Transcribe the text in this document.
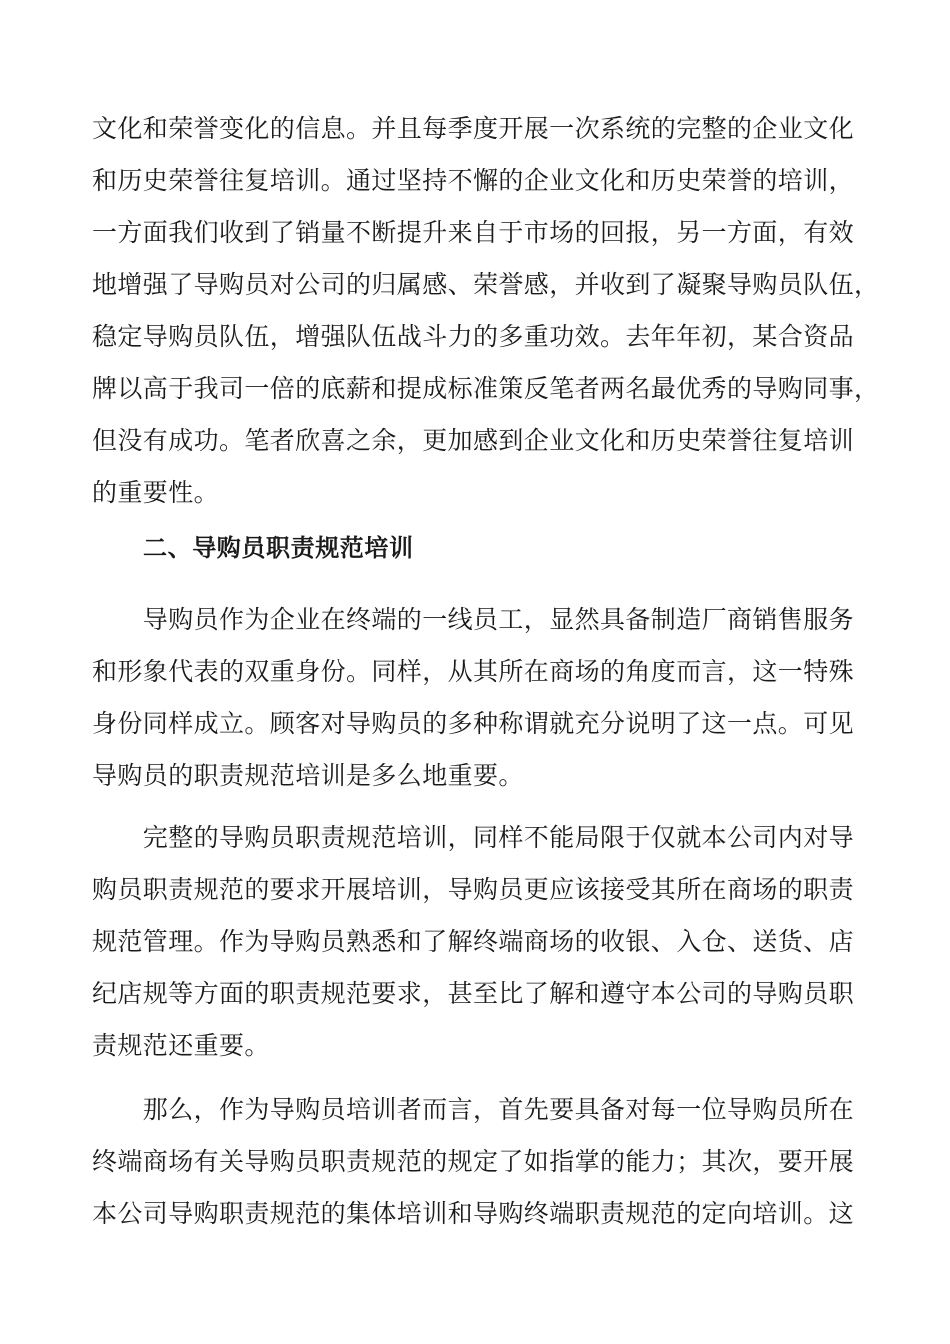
文化和荣誉变化的信息。并且每季度开展一次系统的完整的企业文化
和历史荣誉往复培训。通过坚持不懈的企业文化和历史荣誉的培训，
一方面我们收到了销量不断提升来自于市场的回报，另一方面，有效
地增强了导购员对公司的归属感、荣誉感，并收到了凝聚导购员队伍，
稳定导购员队伍，增强队伍战斗力的多重功效。去年年初，某合资品
牌以高于我司一倍的底薪和提成标准策反笔者两名最优秀的导购同事，
但没有成功。笔者欣喜之余，更加感到企业文化和历史荣誉往复培训
的重要性。
二、导购员职责规范培训
　　导购员作为企业在终端的一线员工，显然具备制造厂商销售服务
和形象代表的双重身份。同样，从其所在商场的角度而言，这一特殊
身份同样成立。顾客对导购员的多种称谓就充分说明了这一点。可见
导购员的职责规范培训是多么地重要。
　　完整的导购员职责规范培训，同样不能局限于仅就本公司内对导
购员职责规范的要求开展培训，导购员更应该接受其所在商场的职责
规范管理。作为导购员熟悉和了解终端商场的收银、入仓、送货、店
纪店规等方面的职责规范要求，甚至比了解和遵守本公司的导购员职
责规范还重要。
　　那么，作为导购员培训者而言，首先要具备对每一位导购员所在
终端商场有关导购员职责规范的规定了如指掌的能力；其次，要开展
本公司导购职责规范的集体培训和导购终端职责规范的定向培训。这
